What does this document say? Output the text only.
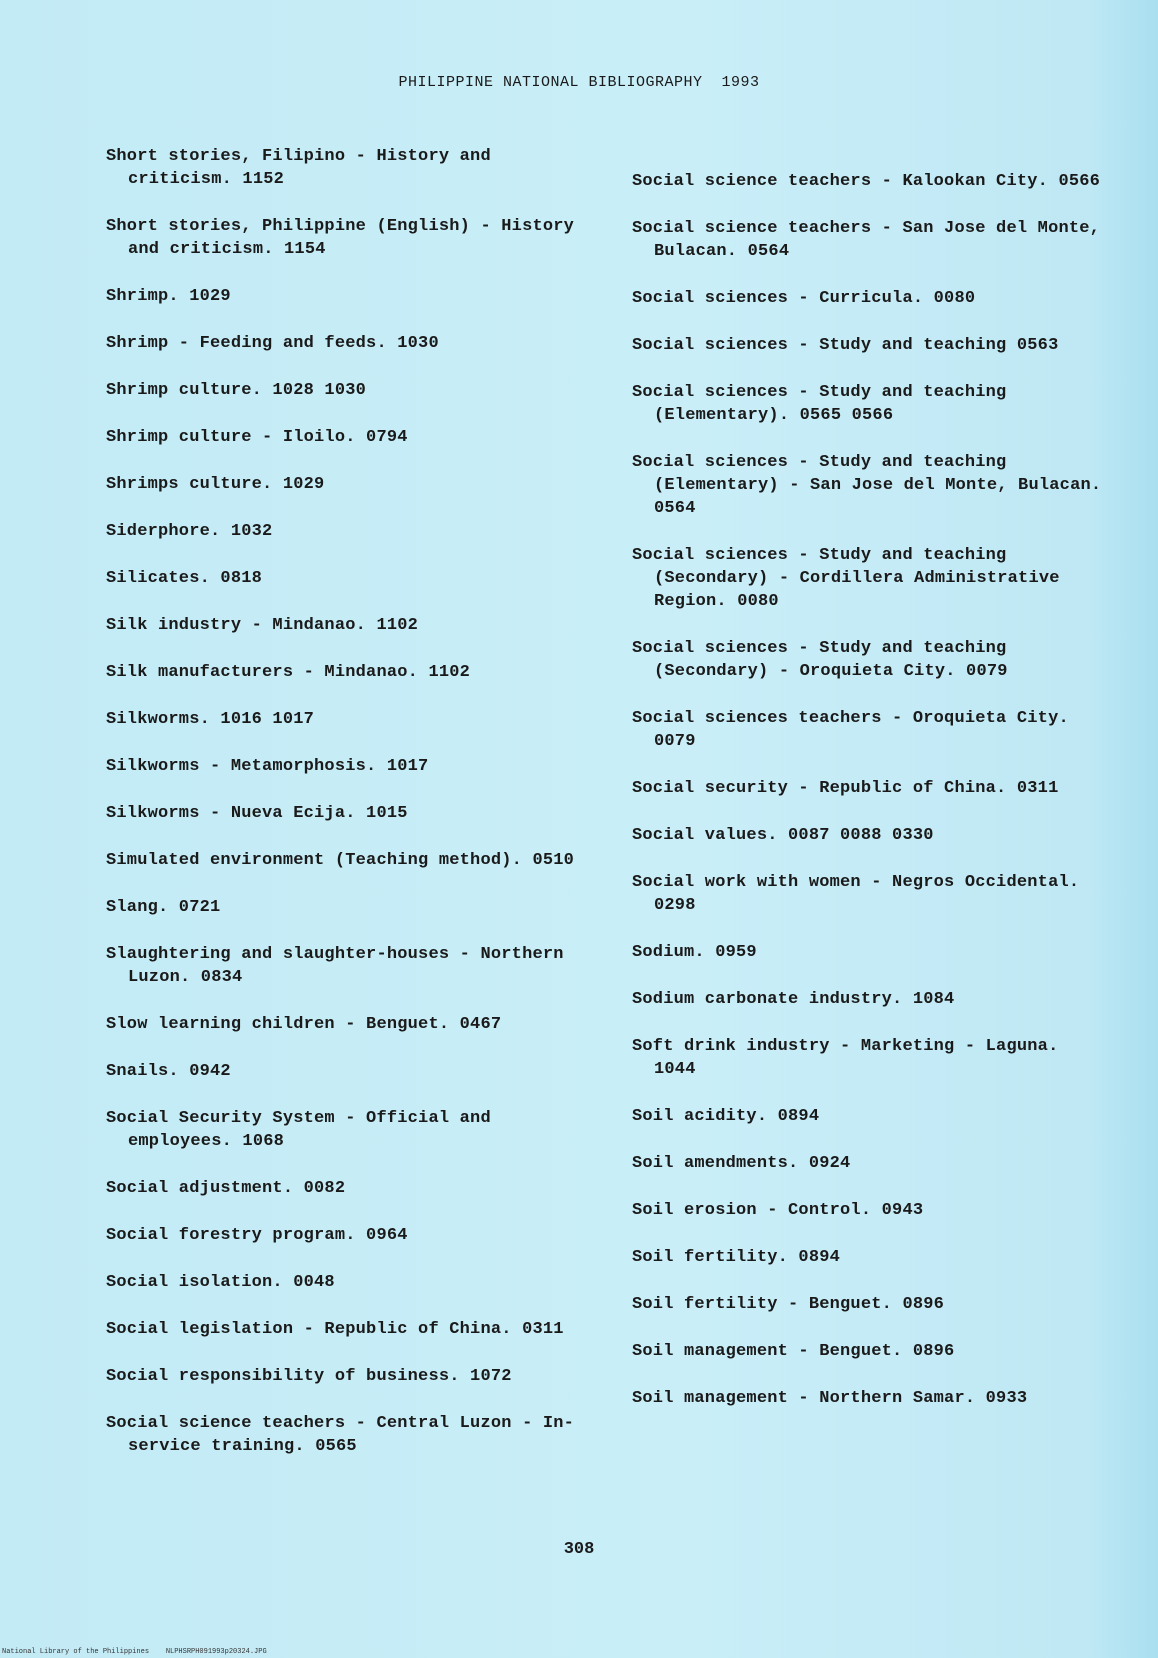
PHILIPPINE NATIONAL BIBLIOGRAPHY  1993
Short stories, Filipino - History and criticism. 1152
Short stories, Philippine (English) - History and criticism. 1154
Shrimp. 1029
Shrimp - Feeding and feeds. 1030
Shrimp culture. 1028 1030
Shrimp culture - Iloilo. 0794
Shrimps culture. 1029
Siderphore. 1032
Silicates. 0818
Silk industry - Mindanao. 1102
Silk manufacturers - Mindanao. 1102
Silkworms. 1016 1017
Silkworms - Metamorphosis. 1017
Silkworms - Nueva Ecija. 1015
Simulated environment (Teaching method). 0510
Slang. 0721
Slaughtering and slaughter-houses - Northern Luzon. 0834
Slow learning children - Benguet. 0467
Snails. 0942
Social Security System - Official and employees. 1068
Social adjustment. 0082
Social forestry program. 0964
Social isolation. 0048
Social legislation - Republic of China. 0311
Social responsibility of business. 1072
Social science teachers - Central Luzon - In-service training. 0565
Social science teachers - Kalookan City. 0566
Social science teachers - San Jose del Monte, Bulacan. 0564
Social sciences - Curricula. 0080
Social sciences - Study and teaching 0563
Social sciences - Study and teaching (Elementary). 0565 0566
Social sciences - Study and teaching (Elementary) - San Jose del Monte, Bulacan. 0564
Social sciences - Study and teaching (Secondary) - Cordillera Administrative Region. 0080
Social sciences - Study and teaching (Secondary) - Oroquieta City. 0079
Social sciences teachers - Oroquieta City. 0079
Social security - Republic of China. 0311
Social values. 0087 0088 0330
Social work with women - Negros Occidental. 0298
Sodium. 0959
Sodium carbonate industry. 1084
Soft drink industry - Marketing - Laguna. 1044
Soil acidity. 0894
Soil amendments. 0924
Soil erosion - Control. 0943
Soil fertility. 0894
Soil fertility - Benguet. 0896
Soil management - Benguet. 0896
Soil management - Northern Samar. 0933
308
National Library of the Philippines    NLPHSRPH091993p20324.JPG
